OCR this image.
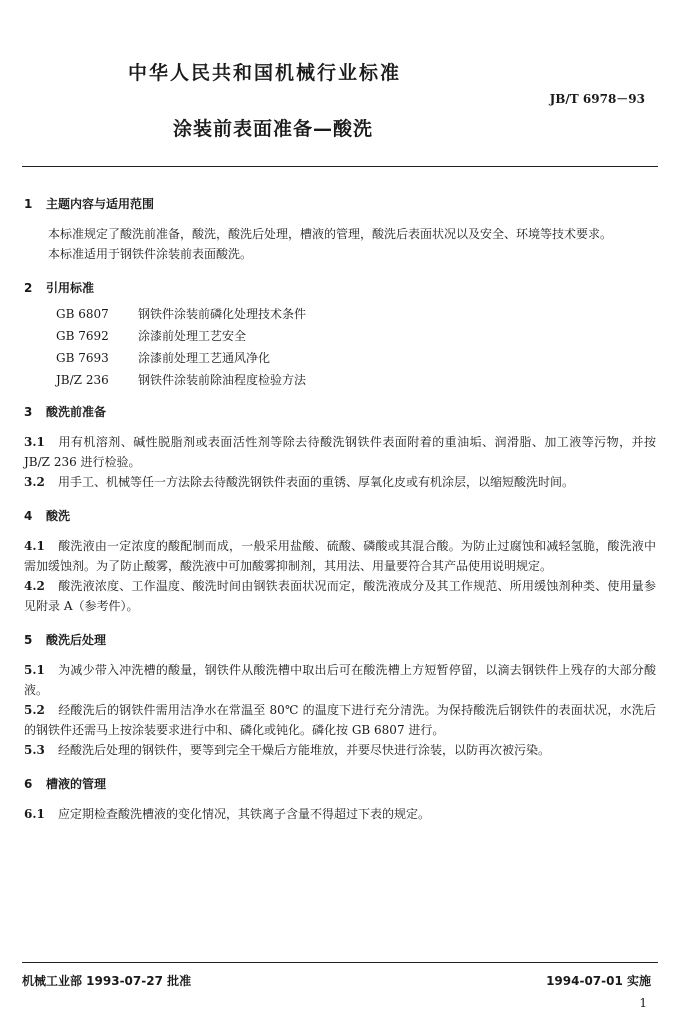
中华人民共和国机械行业标准
JB/T 6978－93
涂装前表面准备—酸洗
1 主题内容与适用范围

本标准规定了酸洗前准备，酸洗，酸洗后处理，槽液的管理，酸洗后表面状况以及安全、环境等技术要求。

本标准适用于钢铁件涂装前表面酸洗。

2 引用标准
GB 6807 钢铁件涂装前磷化处理技术条件
GB 7692 涂漆前处理工艺安全
GB 7693 涂漆前处理工艺通风净化
JB/Z 236 钢铁件涂装前除油程度检验方法
3 酸洗前准备

3.1 用有机溶剂、碱性脱脂剂或表面活性剂等除去待酸洗钢铁件表面附着的重油垢、润滑脂、加工液等污物，并按 JB/Z 236 进行检验。

3.2 用手工、机械等任一方法除去待酸洗钢铁件表面的重锈、厚氧化皮或有机涂层，以缩短酸洗时间。

4 酸洗

4.1 酸洗液由一定浓度的酸配制而成，一般采用盐酸、硫酸、磷酸或其混合酸。为防止过腐蚀和减轻氢脆，酸洗液中需加缓蚀剂。为了防止酸雾，酸洗液中可加酸雾抑制剂，其用法、用量要符合其产品使用说明规定。

4.2 酸洗液浓度、工作温度、酸洗时间由钢铁表面状况而定，酸洗液成分及其工作规范、所用缓蚀剂种类、使用量参见附录 A（参考件）。

5 酸洗后处理

5.1 为减少带入冲洗槽的酸量，钢铁件从酸洗槽中取出后可在酸洗槽上方短暂停留，以滴去钢铁件上残存的大部分酸液。

5.2 经酸洗后的钢铁件需用洁净水在常温至 80℃ 的温度下进行充分清洗。为保持酸洗后钢铁件的表面状况，水洗后的钢铁件还需马上按涂装要求进行中和、磷化或钝化。磷化按 GB 6807 进行。

5.3 经酸洗后处理的钢铁件，要等到完全干燥后方能堆放，并要尽快进行涂装，以防再次被污染。

6 槽液的管理

6.1 应定期检查酸洗槽液的变化情况，其铁离子含量不得超过下表的规定。

机械工业部 1993-07-27 批准	1994-07-01 实施
1
